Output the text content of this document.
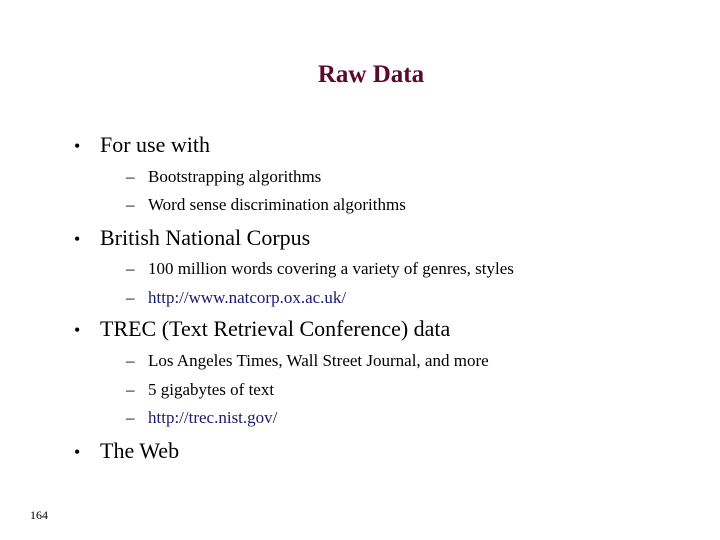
Raw Data
• For use with
– Bootstrapping algorithms
– Word sense discrimination algorithms
• British National Corpus
– 100 million words covering a variety of genres, styles
– http://www.natcorp.ox.ac.uk/
• TREC (Text Retrieval Conference) data
– Los Angeles Times, Wall Street Journal, and more
– 5 gigabytes of text
– http://trec.nist.gov/
• The Web
164
